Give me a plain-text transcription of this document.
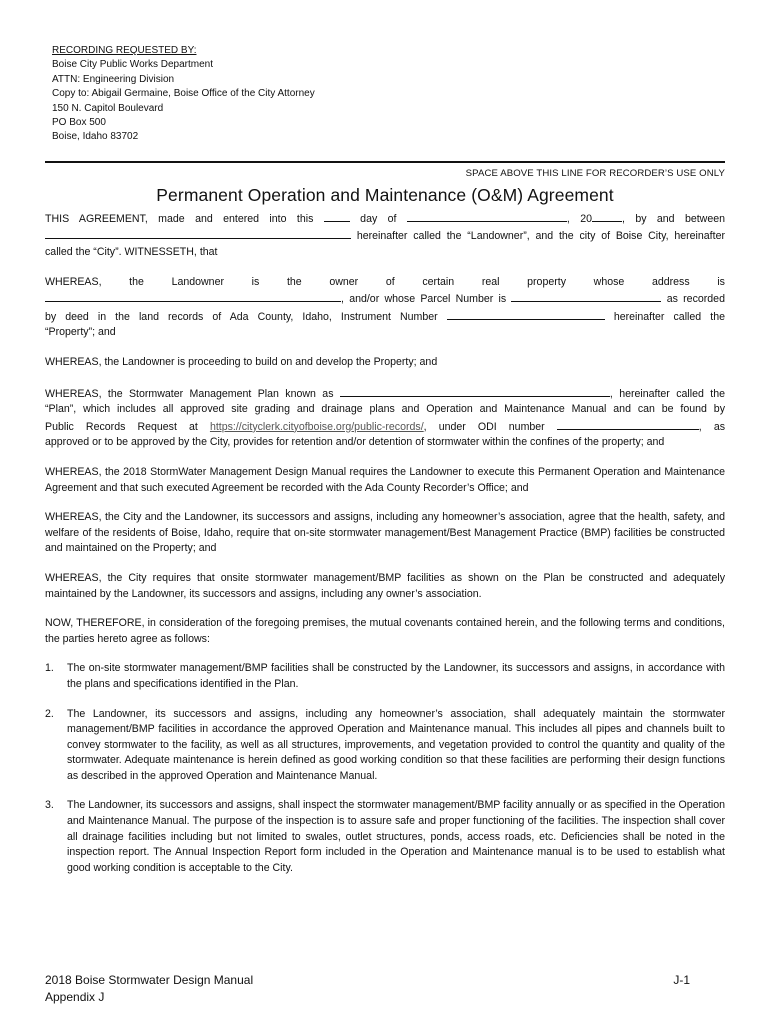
RECORDING REQUESTED BY:
Boise City Public Works Department
ATTN: Engineering Division
Copy to: Abigail Germaine, Boise Office of the City Attorney
150 N. Capitol Boulevard
PO Box 500
Boise, Idaho 83702
SPACE ABOVE THIS LINE FOR RECORDER’S USE ONLY
Permanent Operation and Maintenance (O&M) Agreement
THIS AGREEMENT, made and entered into this	day of	, 20	, by and between
hereinafter called the “Landowner”, and the city of Boise City, hereinafter
called the “City”. WITNESSETH, that
WHEREAS,	the	Landowner	is	the	owner	of	certain	real	property	whose	address	is
, and/or whose Parcel Number is	as recorded
by deed in the land records of Ada County, Idaho, Instrument Number	hereinafter called the
“Property”; and
WHEREAS, the Landowner is proceeding to build on and develop the Property; and
WHEREAS, the Stormwater Management Plan known as	, hereinafter called the
“Plan”, which includes all approved site grading and drainage plans and Operation and Maintenance Manual and can be found by
Public Records Request at https://cityclerk.cityofboise.org/public-records/, under ODI number	, as
approved or to be approved by the City, provides for retention and/or detention of stormwater within the confines of the property; and
WHEREAS, the 2018 StormWater Management Design Manual requires the Landowner to execute this Permanent Operation and Maintenance Agreement and that such executed Agreement be recorded with the Ada County Recorder’s Office; and
WHEREAS, the City and the Landowner, its successors and assigns, including any homeowner’s association, agree that the health, safety, and welfare of the residents of Boise, Idaho, require that on-site stormwater management/Best Management Practice (BMP) facilities be constructed and maintained on the Property; and
WHEREAS, the City requires that onsite stormwater management/BMP facilities as shown on the Plan be constructed and adequately maintained by the Landowner, its successors and assigns, including any owner’s association.
NOW, THEREFORE, in consideration of the foregoing premises, the mutual covenants contained herein, and the following terms and conditions, the parties hereto agree as follows:
1.	The on-site stormwater management/BMP facilities shall be constructed by the Landowner, its successors and assigns, in accordance with the plans and specifications identified in the Plan.
2.	The Landowner, its successors and assigns, including any homeowner’s association, shall adequately maintain the stormwater management/BMP facilities in accordance the approved Operation and Maintenance manual. This includes all pipes and channels built to convey stormwater to the facility, as well as all structures, improvements, and vegetation provided to control the quantity and quality of the stormwater. Adequate maintenance is herein defined as good working condition so that these facilities are performing their design functions as described in the approved Operation and Maintenance Manual.
3.	The Landowner, its successors and assigns, shall inspect the stormwater management/BMP facility annually or as specified in the Operation and Maintenance Manual. The purpose of the inspection is to assure safe and proper functioning of the facilities. The inspection shall cover all drainage facilities including but not limited to swales, outlet structures, ponds, access roads, etc. Deficiencies shall be noted in the inspection report. The Annual Inspection Report form included in the Operation and Maintenance manual is to be used to establish what good working condition is acceptable to the City.
2018 Boise Stormwater Design Manual
Appendix J
J-1
